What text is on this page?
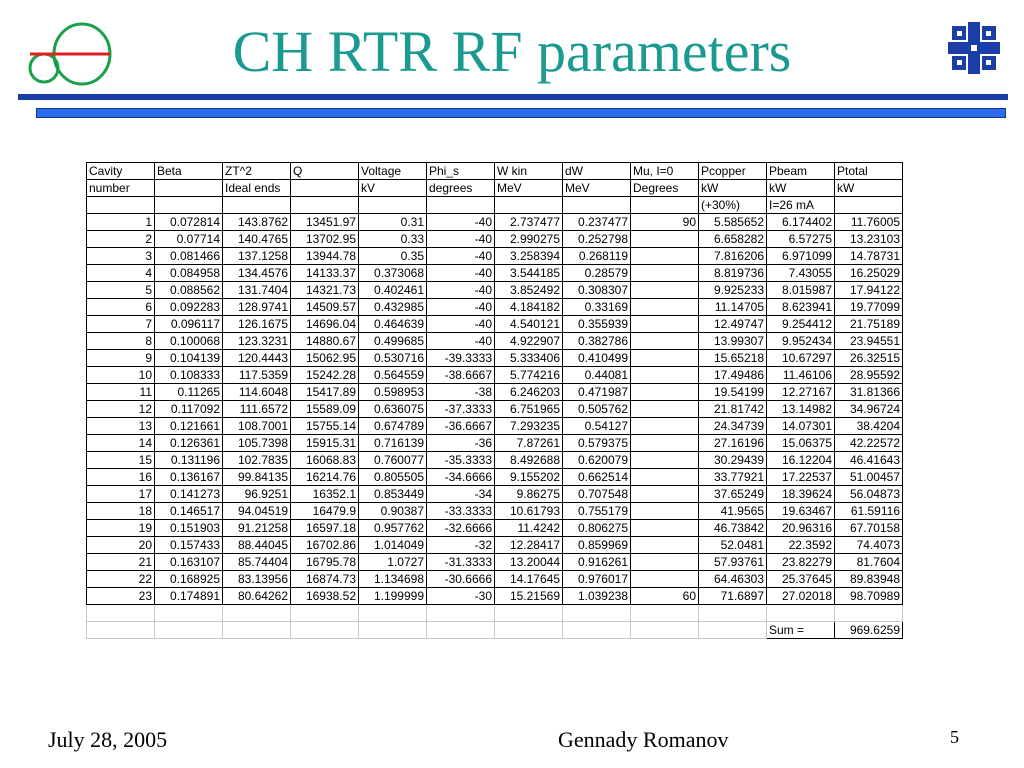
CH RTR RF parameters
Cavity	Beta	ZT^2	Q	Voltage	Phi_s	W kin	dW	Mu, I=0	Pcopper	Pbeam	Ptotal
number		Ideal ends		kV	degrees	MeV	MeV	Degrees	kW	kW	kW
									(+30%)	I=26 mA	
1	0.072814	143.8762	13451.97	0.31	-40	2.737477	0.237477	90	5.585652	6.174402	11.76005
2	0.07714	140.4765	13702.95	0.33	-40	2.990275	0.252798		6.658282	6.57275	13.23103
3	0.081466	137.1258	13944.78	0.35	-40	3.258394	0.268119		7.816206	6.971099	14.78731
4	0.084958	134.4576	14133.37	0.373068	-40	3.544185	0.28579		8.819736	7.43055	16.25029
5	0.088562	131.7404	14321.73	0.402461	-40	3.852492	0.308307		9.925233	8.015987	17.94122
6	0.092283	128.9741	14509.57	0.432985	-40	4.184182	0.33169		11.14705	8.623941	19.77099
7	0.096117	126.1675	14696.04	0.464639	-40	4.540121	0.355939		12.49747	9.254412	21.75189
8	0.100068	123.3231	14880.67	0.499685	-40	4.922907	0.382786		13.99307	9.952434	23.94551
9	0.104139	120.4443	15062.95	0.530716	-39.3333	5.333406	0.410499		15.65218	10.67297	26.32515
10	0.108333	117.5359	15242.28	0.564559	-38.6667	5.774216	0.44081		17.49486	11.46106	28.95592
11	0.11265	114.6048	15417.89	0.598953	-38	6.246203	0.471987		19.54199	12.27167	31.81366
12	0.117092	111.6572	15589.09	0.636075	-37.3333	6.751965	0.505762		21.81742	13.14982	34.96724
13	0.121661	108.7001	15755.14	0.674789	-36.6667	7.293235	0.54127		24.34739	14.07301	38.4204
14	0.126361	105.7398	15915.31	0.716139	-36	7.87261	0.579375		27.16196	15.06375	42.22572
15	0.131196	102.7835	16068.83	0.760077	-35.3333	8.492688	0.620079		30.29439	16.12204	46.41643
16	0.136167	99.84135	16214.76	0.805505	-34.6666	9.155202	0.662514		33.77921	17.22537	51.00457
17	0.141273	96.9251	16352.1	0.853449	-34	9.86275	0.707548		37.65249	18.39624	56.04873
18	0.146517	94.04519	16479.9	0.90387	-33.3333	10.61793	0.755179		41.9565	19.63467	61.59116
19	0.151903	91.21258	16597.18	0.957762	-32.6666	11.4242	0.806275		46.73842	20.96316	67.70158
20	0.157433	88.44045	16702.86	1.014049	-32	12.28417	0.859969		52.0481	22.3592	74.4073
21	0.163107	85.74404	16795.78	1.0727	-31.3333	13.20044	0.916261		57.93761	23.82279	81.7604
22	0.168925	83.13956	16874.73	1.134698	-30.6666	14.17645	0.976017		64.46303	25.37645	89.83948
23	0.174891	80.64262	16938.52	1.199999	-30	15.21569	1.039238	60	71.6897	27.02018	98.70989

										Sum =	969.6259
July 28, 2005	Gennady Romanov	5
